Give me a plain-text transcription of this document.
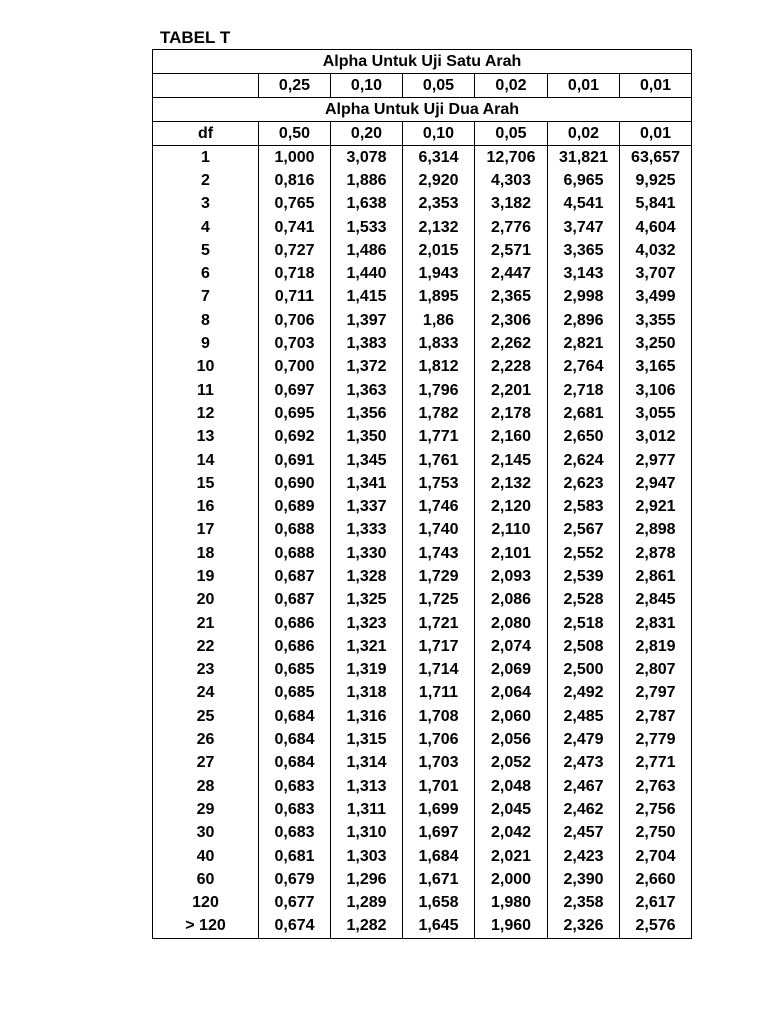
TABEL T
Alpha Untuk Uji Satu Arah						
	0,25	0,10	0,05	0,02	0,01	0,01
Alpha Untuk Uji Dua Arah						
df	0,50	0,20	0,10	0,05	0,02	0,01
1	1,000	3,078	6,314	12,706	31,821	63,657
2	0,816	1,886	2,920	4,303	6,965	9,925
3	0,765	1,638	2,353	3,182	4,541	5,841
4	0,741	1,533	2,132	2,776	3,747	4,604
5	0,727	1,486	2,015	2,571	3,365	4,032
6	0,718	1,440	1,943	2,447	3,143	3,707
7	0,711	1,415	1,895	2,365	2,998	3,499
8	0,706	1,397	1,86	2,306	2,896	3,355
9	0,703	1,383	1,833	2,262	2,821	3,250
10	0,700	1,372	1,812	2,228	2,764	3,165
11	0,697	1,363	1,796	2,201	2,718	3,106
12	0,695	1,356	1,782	2,178	2,681	3,055
13	0,692	1,350	1,771	2,160	2,650	3,012
14	0,691	1,345	1,761	2,145	2,624	2,977
15	0,690	1,341	1,753	2,132	2,623	2,947
16	0,689	1,337	1,746	2,120	2,583	2,921
17	0,688	1,333	1,740	2,110	2,567	2,898
18	0,688	1,330	1,743	2,101	2,552	2,878
19	0,687	1,328	1,729	2,093	2,539	2,861
20	0,687	1,325	1,725	2,086	2,528	2,845
21	0,686	1,323	1,721	2,080	2,518	2,831
22	0,686	1,321	1,717	2,074	2,508	2,819
23	0,685	1,319	1,714	2,069	2,500	2,807
24	0,685	1,318	1,711	2,064	2,492	2,797
25	0,684	1,316	1,708	2,060	2,485	2,787
26	0,684	1,315	1,706	2,056	2,479	2,779
27	0,684	1,314	1,703	2,052	2,473	2,771
28	0,683	1,313	1,701	2,048	2,467	2,763
29	0,683	1,311	1,699	2,045	2,462	2,756
30	0,683	1,310	1,697	2,042	2,457	2,750
40	0,681	1,303	1,684	2,021	2,423	2,704
60	0,679	1,296	1,671	2,000	2,390	2,660
120	0,677	1,289	1,658	1,980	2,358	2,617
> 120	0,674	1,282	1,645	1,960	2,326	2,576
